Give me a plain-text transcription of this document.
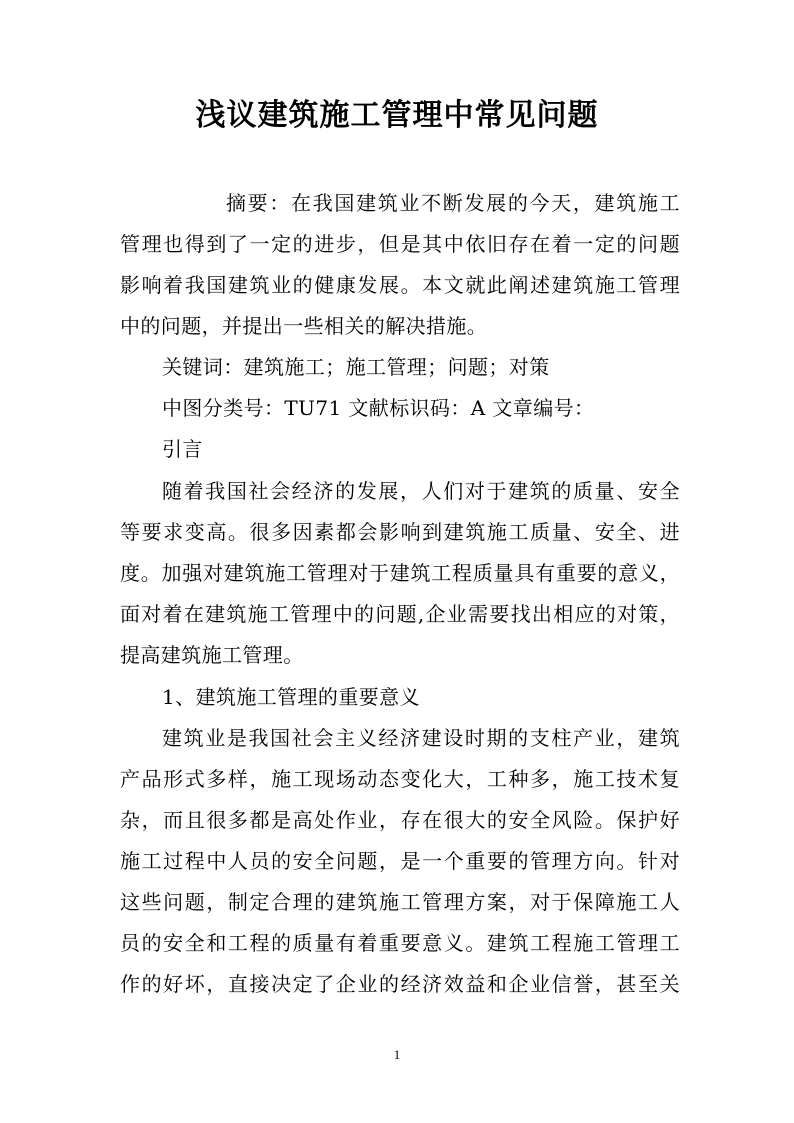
浅议建筑施工管理中常见问题
摘要：在我国建筑业不断发展的今天，建筑施工
管理也得到了一定的进步，但是其中依旧存在着一定的问题
影响着我国建筑业的健康发展。本文就此阐述建筑施工管理
中的问题，并提出一些相关的解决措施。
关键词：建筑施工；施工管理；问题；对策
中图分类号：TU71 文献标识码：A 文章编号：
引言
随着我国社会经济的发展，人们对于建筑的质量、安全
等要求变高。很多因素都会影响到建筑施工质量、安全、进
度。加强对建筑施工管理对于建筑工程质量具有重要的意义，
面对着在建筑施工管理中的问题,企业需要找出相应的对策，
提高建筑施工管理。
1、建筑施工管理的重要意义
建筑业是我国社会主义经济建设时期的支柱产业，建筑
产品形式多样，施工现场动态变化大，工种多，施工技术复
杂，而且很多都是高处作业，存在很大的安全风险。保护好
施工过程中人员的安全问题，是一个重要的管理方向。针对
这些问题，制定合理的建筑施工管理方案，对于保障施工人
员的安全和工程的质量有着重要意义。建筑工程施工管理工
作的好坏，直接决定了企业的经济效益和企业信誉，甚至关
1
